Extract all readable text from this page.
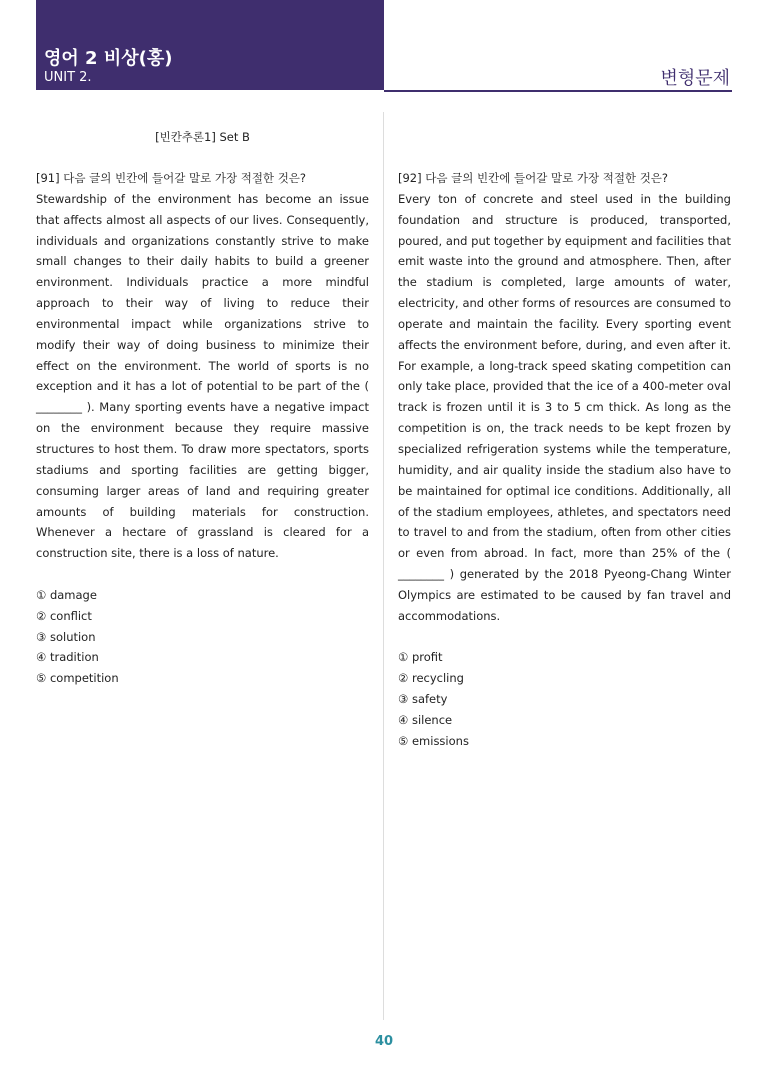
영어 2 비상(홍)
UNIT 2.	변형문제
[빈칸추론1] Set B
[91] 다음 글의 빈칸에 들어갈 말로 가장 적절한 것은?
Stewardship of the environment has become an issue that affects almost all aspects of our lives. Consequently, individuals and organizations constantly strive to make small changes to their daily habits to build a greener environment. Individuals practice a more mindful approach to their way of living to reduce their environmental impact while organizations strive to modify their way of doing business to minimize their effect on the environment. The world of sports is no exception and it has a lot of potential to be part of the ( ________ ). Many sporting events have a negative impact on the environment because they require massive structures to host them. To draw more spectators, sports stadiums and sporting facilities are getting bigger, consuming larger areas of land and requiring greater amounts of building materials for construction. Whenever a hectare of grassland is cleared for a construction site, there is a loss of nature.
① damage
② conflict
③ solution
④ tradition
⑤ competition
[92] 다음 글의 빈칸에 들어갈 말로 가장 적절한 것은?
Every ton of concrete and steel used in the building foundation and structure is produced, transported, poured, and put together by equipment and facilities that emit waste into the ground and atmosphere. Then, after the stadium is completed, large amounts of water, electricity, and other forms of resources are consumed to operate and maintain the facility. Every sporting event affects the environment before, during, and even after it. For example, a long-track speed skating competition can only take place, provided that the ice of a 400-meter oval track is frozen until it is 3 to 5 cm thick. As long as the competition is on, the track needs to be kept frozen by specialized refrigeration systems while the temperature, humidity, and air quality inside the stadium also have to be maintained for optimal ice conditions. Additionally, all of the stadium employees, athletes, and spectators need to travel to and from the stadium, often from other cities or even from abroad. In fact, more than 25% of the ( ________ ) generated by the 2018 Pyeong-Chang Winter Olympics are estimated to be caused by fan travel and accommodations.
① profit
② recycling
③ safety
④ silence
⑤ emissions
40
